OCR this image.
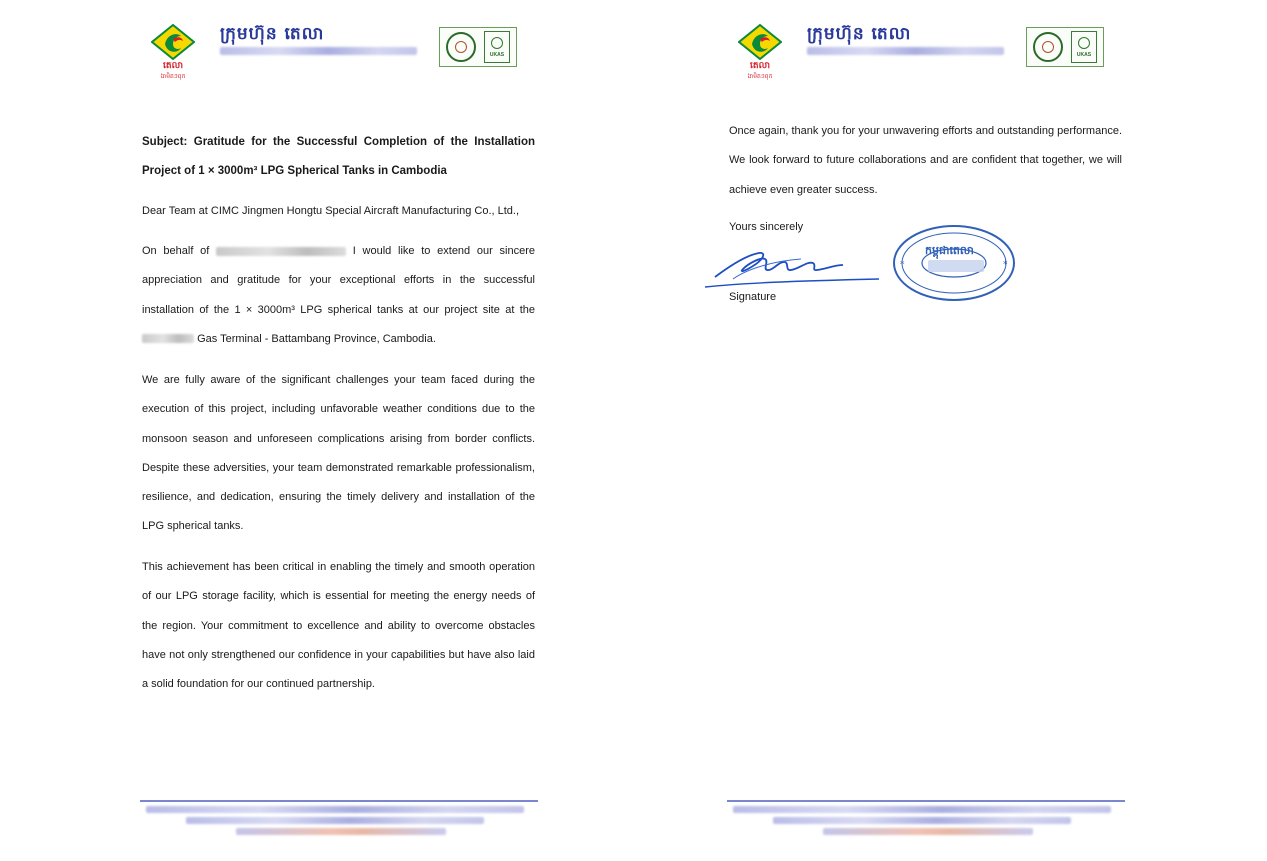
តេលា
ឯាមិតៗពុក
ក្រុមហ៊ុន តេលា
UKAS
Subject: Gratitude for the Successful Completion of the Installation Project of 1 × 3000m³ LPG Spherical Tanks in Cambodia
Dear Team at CIMC Jingmen Hongtu Special Aircraft Manufacturing Co., Ltd.,

On behalf of	I would like to extend our sincere appreciation and gratitude for your exceptional efforts in the successful installation of the 1 × 3000m³ LPG spherical tanks at our project site at the  Gas Terminal - Battambang Province, Cambodia.

We are fully aware of the significant challenges your team faced during the execution of this project, including unfavorable weather conditions due to the monsoon season and unforeseen complications arising from border conflicts. Despite these adversities, your team demonstrated remarkable professionalism, resilience, and dedication, ensuring the timely delivery and installation of the LPG spherical tanks.

This achievement has been critical in enabling the timely and smooth operation of our LPG storage facility, which is essential for meeting the energy needs of the region. Your commitment to excellence and ability to overcome obstacles have not only strengthened our confidence in your capabilities but have also laid a solid foundation for our continued partnership.

តេលា
ឯាមិតៗពុក
ក្រុមហ៊ុន តេលា
UKAS

Once again, thank you for your unwavering efforts and outstanding performance. We look forward to future collaborations and are confident that together, we will achieve even greater success.

Yours sincerely
Signature
*	*
កម្ពុជាតេលា
